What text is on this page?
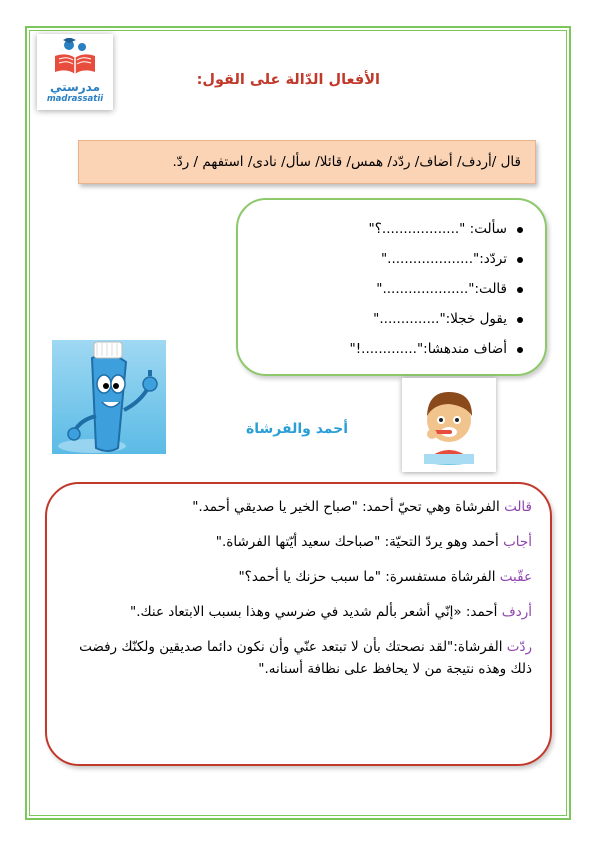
مدرستي
madrassatii
الأفعال الدّالة على القول:
قال /أردف/ أضاف/ ردّد/ همس/ قائلا/ سأل/ نادى/ استفهم / ردّ.
سألت: "..................؟"
تردّد:"...................."
قالت:"...................."
يقول خجلا:".............."
أضاف مندهشا:".............!"
أحمد والفرشاة

قالت الفرشاة وهي تحيّ أحمد: "صباح الخير يا صديقي أحمد."

أجاب أحمد وهو يردّ التحيّة: "صباحك سعيد أيّتها الفرشاة."

عقّبت الفرشاة مستفسرة: "ما سبب حزنك يا أحمد؟"

أردف أحمد: «إنّي أشعر بألم شديد في ضرسي وهذا بسبب الابتعاد عنك."

ردّت الفرشاة:"لقد نصحتك بأن لا تبتعد عنّي وأن نكون دائما صديقين ولكنّك رفضت ذلك وهذه نتيجة من لا يحافظ على نظافة أسنانه."
